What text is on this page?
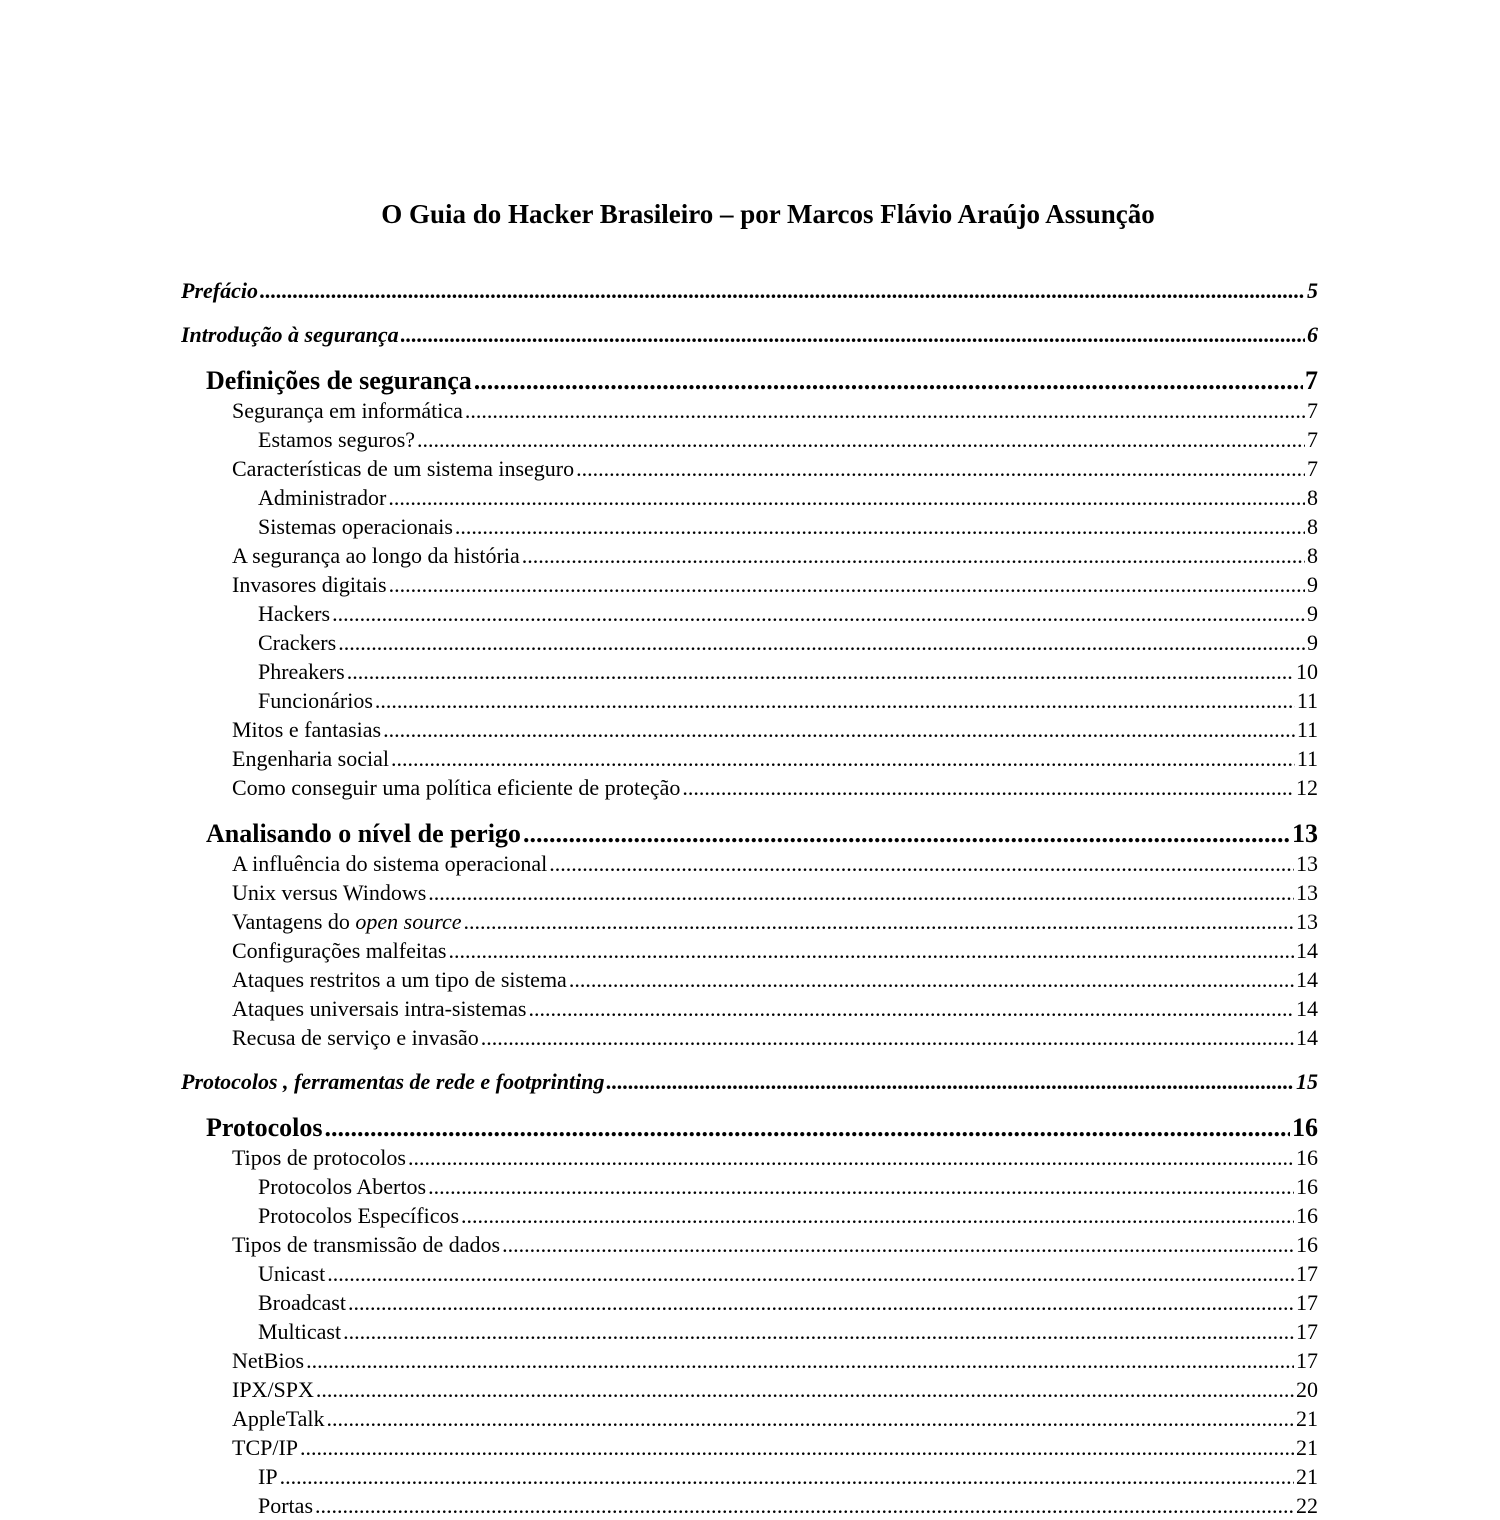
O Guia do Hacker Brasileiro – por Marcos Flávio Araújo Assunção
Prefácio .....	5
Introdução à segurança .....	6
Definições de segurança .....	7
Segurança em informática .....	7
Estamos seguros? .....	7
Características de um sistema inseguro .....	7
Administrador .....	8
Sistemas operacionais .....	8
A segurança ao longo da história .....	8
Invasores digitais .....	9
Hackers .....	9
Crackers .....	9
Phreakers .....	10
Funcionários .....	11
Mitos e fantasias .....	11
Engenharia social .....	11
Como conseguir uma política eficiente de proteção .....	12
Analisando o nível de perigo .....	13
A influência do sistema operacional .....	13
Unix versus Windows .....	13
Vantagens do open source .....	13
Configurações malfeitas .....	14
Ataques restritos a um tipo de sistema .....	14
Ataques universais intra-sistemas .....	14
Recusa de serviço e invasão .....	14
Protocolos , ferramentas de rede e footprinting .....	15
Protocolos .....	16
Tipos de protocolos .....	16
Protocolos Abertos .....	16
Protocolos Específicos .....	16
Tipos de transmissão de dados .....	16
Unicast .....	17
Broadcast .....	17
Multicast .....	17
NetBios .....	17
IPX/SPX .....	20
AppleTalk .....	21
TCP/IP .....	21
IP .....	21
Portas .....	22
